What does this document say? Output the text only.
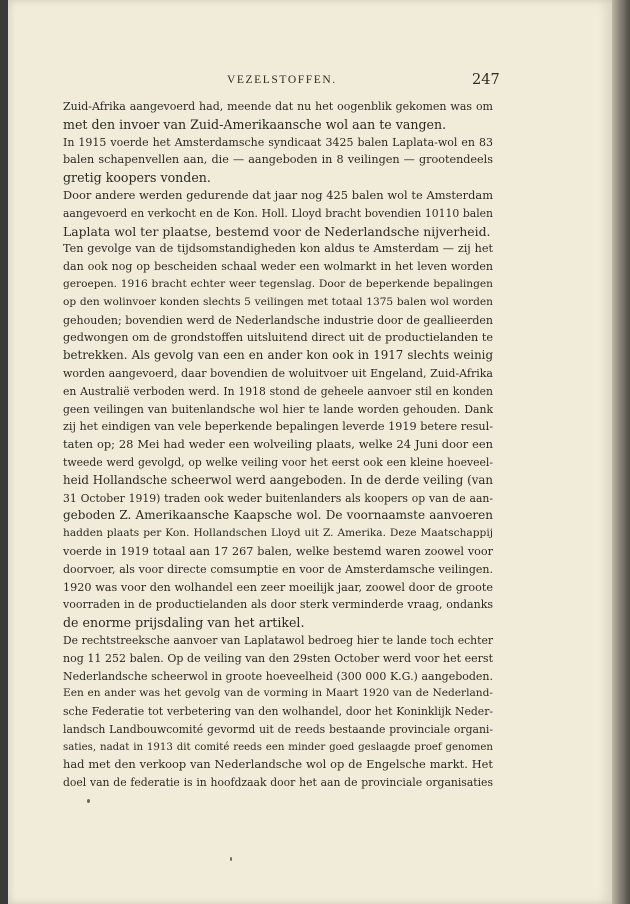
VEZELSTOFFEN.	247
Zuid-Afrika aangevoerd had, meende dat nu het oogenblik gekomen was om
met den invoer van Zuid-Amerikaansche wol aan te vangen.
In 1915 voerde het Amsterdamsche syndicaat 3425 balen Laplata-wol en 83
balen schapenvellen aan, die — aangeboden in 8 veilingen — grootendeels
gretig koopers vonden.
Door andere werden gedurende dat jaar nog 425 balen wol te Amsterdam
aangevoerd en verkocht en de Kon. Holl. Lloyd bracht bovendien 10110 balen
Laplata wol ter plaatse, bestemd voor de Nederlandsche nijverheid.
Ten gevolge van de tijdsomstandigheden kon aldus te Amsterdam — zij het
dan ook nog op bescheiden schaal weder een wolmarkt in het leven worden
geroepen. 1916 bracht echter weer tegenslag. Door de beperkende bepalingen
op den wolinvoer konden slechts 5 veilingen met totaal 1375 balen wol worden
gehouden; bovendien werd de Nederlandsche industrie door de geallieerden
gedwongen om de grondstoffen uitsluitend direct uit de productielanden te
betrekken. Als gevolg van een en ander kon ook in 1917 slechts weinig
worden aangevoerd, daar bovendien de woluitvoer uit Engeland, Zuid-Afrika
en Australië verboden werd. In 1918 stond de geheele aanvoer stil en konden
geen veilingen van buitenlandsche wol hier te lande worden gehouden. Dank
zij het eindigen van vele beperkende bepalingen leverde 1919 betere resul-
taten op; 28 Mei had weder een wolveiling plaats, welke 24 Juni door een
tweede werd gevolgd, op welke veiling voor het eerst ook een kleine hoeveel-
heid Hollandsche scheerwol werd aangeboden. In de derde veiling (van
31 October 1919) traden ook weder buitenlanders als koopers op van de aan-
geboden Z. Amerikaansche Kaapsche wol. De voornaamste aanvoeren
hadden plaats per Kon. Hollandschen Lloyd uit Z. Amerika. Deze Maatschappij
voerde in 1919 totaal aan 17 267 balen, welke bestemd waren zoowel voor
doorvoer, als voor directe comsumptie en voor de Amsterdamsche veilingen.
1920 was voor den wolhandel een zeer moeilijk jaar, zoowel door de groote
voorraden in de productielanden als door sterk verminderde vraag, ondanks
de enorme prijsdaling van het artikel.
De rechtstreeksche aanvoer van Laplatawol bedroeg hier te lande toch echter
nog 11 252 balen. Op de veiling van den 29sten October werd voor het eerst
Nederlandsche scheerwol in groote hoeveelheid (300 000 K.G.) aangeboden.
Een en ander was het gevolg van de vorming in Maart 1920 van de Nederland-
sche Federatie tot verbetering van den wolhandel, door het Koninklijk Neder-
landsch Landbouwcomité gevormd uit de reeds bestaande provinciale organi-
saties, nadat in 1913 dit comité reeds een minder goed geslaagde proef genomen
had met den verkoop van Nederlandsche wol op de Engelsche markt. Het
doel van de federatie is in hoofdzaak door het aan de provinciale organisaties
